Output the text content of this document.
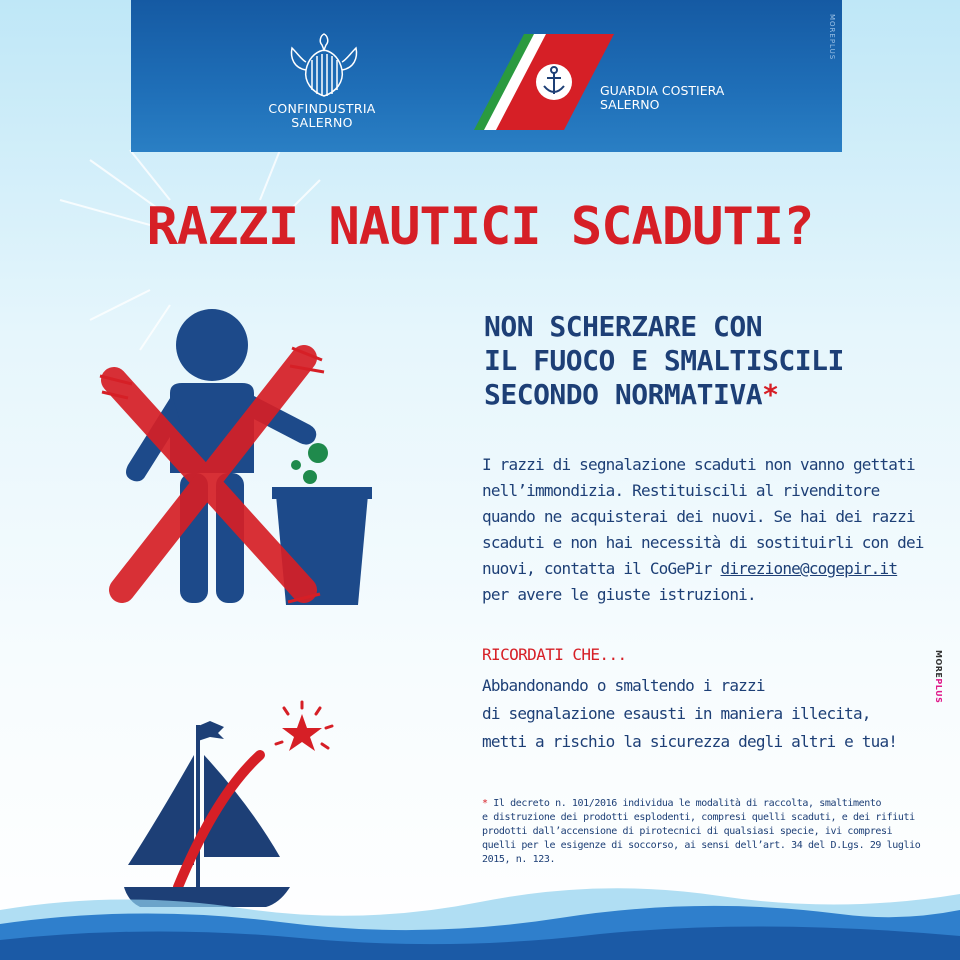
MOREPLUS
CONFINDUSTRIA
SALERNO
GUARDIA COSTIERA
SALERNO
RAZZI NAUTICI SCADUTI?
NON SCHERZARE CON
IL FUOCO E SMALTISCILI
SECONDO NORMATIVA*
I razzi di segnalazione scaduti non vanno gettati
nell’immondizia. Restituiscili al rivenditore
quando ne acquisterai dei nuovi. Se hai dei razzi
scaduti e non hai necessità di sostituirli con dei
nuovi, contatta il CoGePir direzione@cogepir.it
per avere le giuste istruzioni.
RICORDATI CHE...
Abbandonando o smaltendo i razzi
di segnalazione esausti in maniera illecita,
metti a rischio la sicurezza degli altri e tua!
* Il decreto n. 101/2016 individua le modalità di raccolta, smaltimento
e distruzione dei prodotti esplodenti, compresi quelli scaduti, e dei rifiuti
prodotti dall’accensione di pirotecnici di qualsiasi specie, ivi compresi
quelli per le esigenze di soccorso, ai sensi dell’art. 34 del D.Lgs. 29 luglio
2015, n. 123.
MOREPLUS
